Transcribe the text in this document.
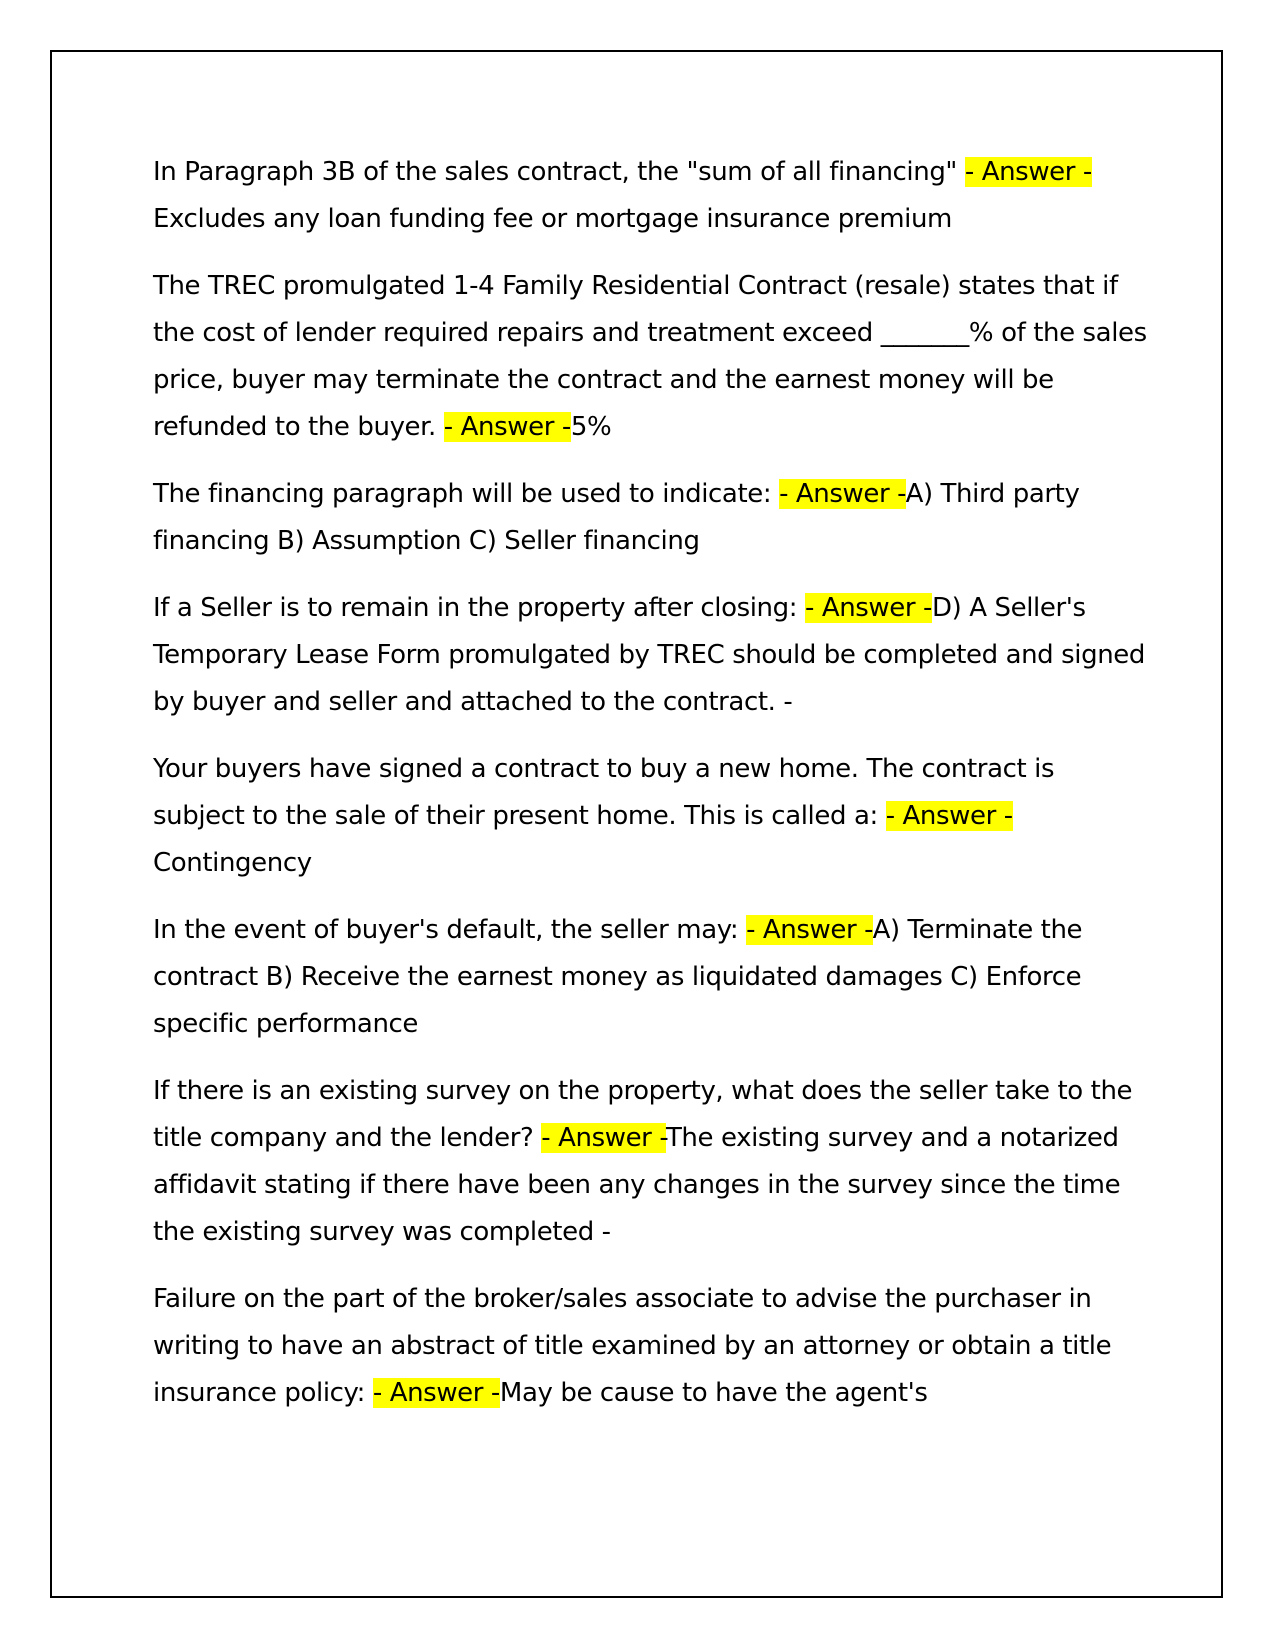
In Paragraph 3B of the sales contract, the "sum of all financing" - Answer -Excludes any loan funding fee or mortgage insurance premium

The TREC promulgated 1-4 Family Residential Contract (resale) states that if the cost of lender required repairs and treatment exceed _______% of the sales price, buyer may terminate the contract and the earnest money will be refunded to the buyer. - Answer -5%

The financing paragraph will be used to indicate: - Answer -A) Third party financing B) Assumption C) Seller financing

If a Seller is to remain in the property after closing: - Answer -D) A Seller's Temporary Lease Form promulgated by TREC should be completed and signed by buyer and seller and attached to the contract. -

Your buyers have signed a contract to buy a new home. The contract is subject to the sale of their present home. This is called a: - Answer -Contingency

In the event of buyer's default, the seller may: - Answer -A) Terminate the contract B) Receive the earnest money as liquidated damages C) Enforce specific performance

If there is an existing survey on the property, what does the seller take to the title company and the lender? - Answer -The existing survey and a notarized affidavit stating if there have been any changes in the survey since the time the existing survey was completed -

Failure on the part of the broker/sales associate to advise the purchaser in writing to have an abstract of title examined by an attorney or obtain a title insurance policy: - Answer -May be cause to have the agent's
